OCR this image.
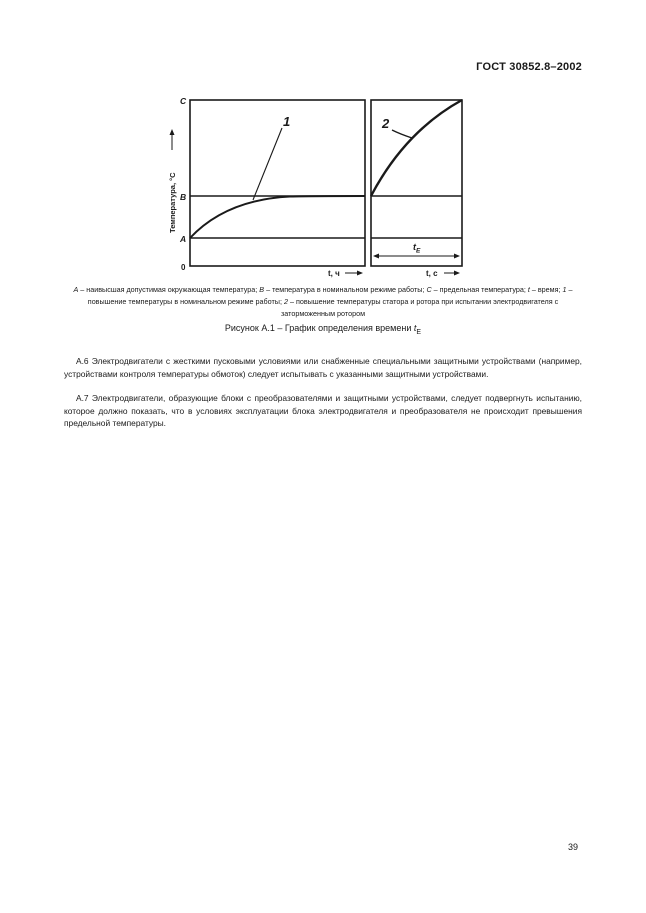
ГОСТ 30852.8–2002
1	2
C
B
A
0
Температура, °С
t, ч	t, с
$t_E$
A – наивысшая допустимая окружающая температура; B – температура в номинальном режиме работы; C – предельная температура; t – время; 1 – повышение температуры в номинальном режиме работы; 2 – повышение температуры статора и ротора при испытании электродвигателя с заторможенным ротором
Рисунок А.1 – График определения времени $t_E$

А.6 Электродвигатели с жесткими пусковыми условиями или снабженные специальными защитными устройствами (например, устройствами контроля температуры обмоток) следует испытывать с указанными защитными устройствами.

А.7 Электродвигатели, образующие блоки с преобразователями и защитными устройствами, следует подвергнуть испытанию, которое должно показать, что в условиях эксплуатации блока электродвигателя и преобразователя не происходит превышения предельной температуры.

39
